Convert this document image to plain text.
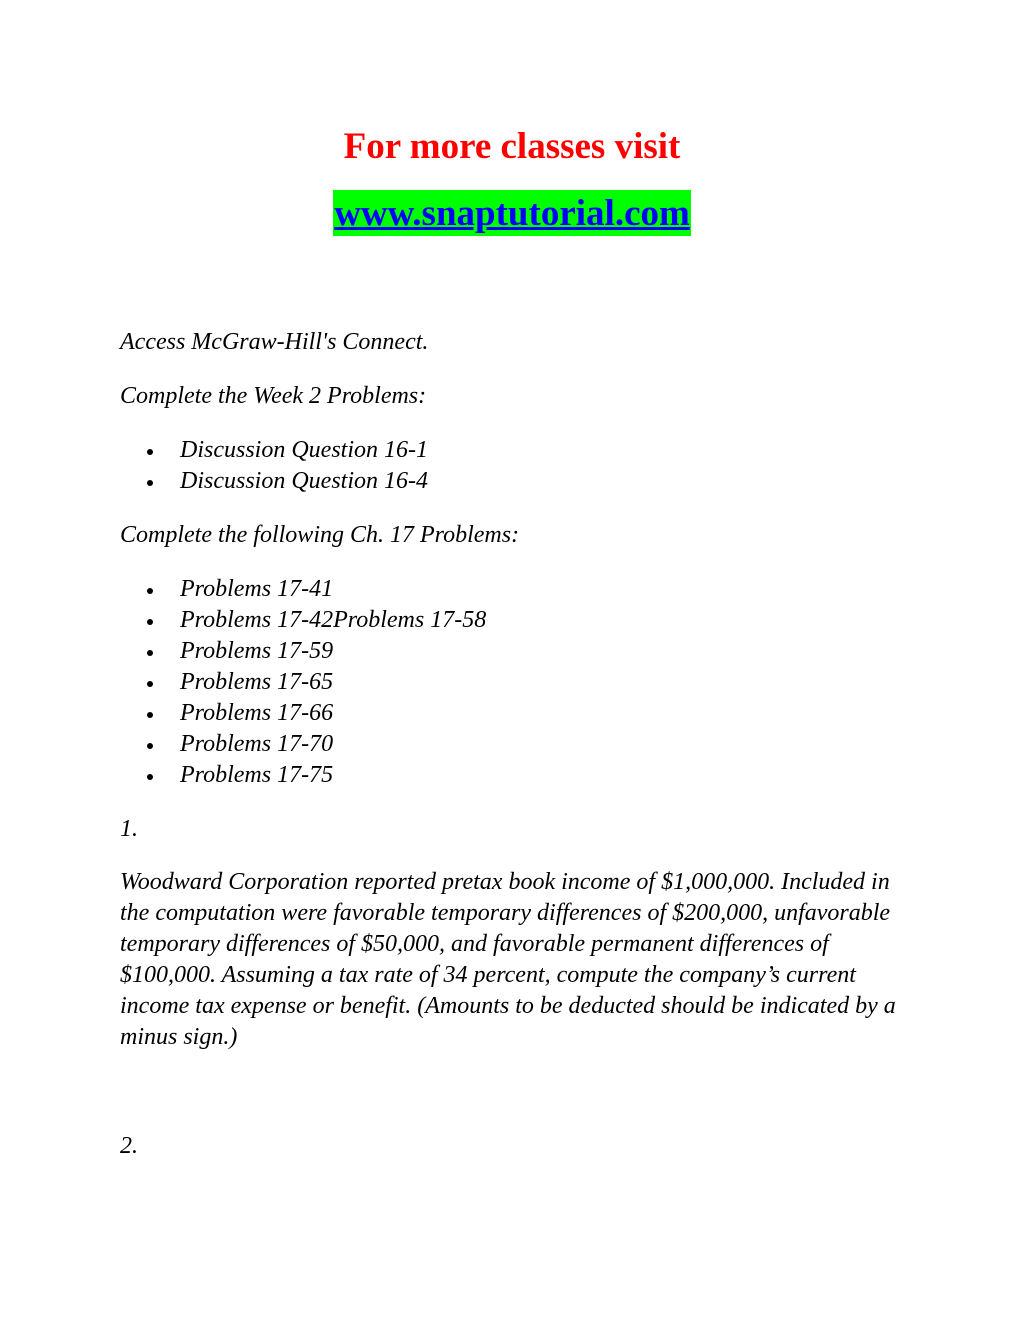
For more classes visit
www.snaptutorial.com

Access McGraw-Hill's Connect.

Complete the Week 2 Problems:

Discussion Question 16-1
Discussion Question 16-4

Complete the following Ch. 17 Problems:

Problems 17-41
Problems 17-42Problems 17-58
Problems 17-59
Problems 17-65
Problems 17-66
Problems 17-70
Problems 17-75

1.

Woodward Corporation reported pretax book income of $1,000,000. Included in the computation were favorable temporary differences of $200,000, unfavorable temporary differences of $50,000, and favorable permanent differences of $100,000. Assuming a tax rate of 34 percent, compute the company’s current income tax expense or benefit. (Amounts to be deducted should be indicated by a minus sign.)

2.
